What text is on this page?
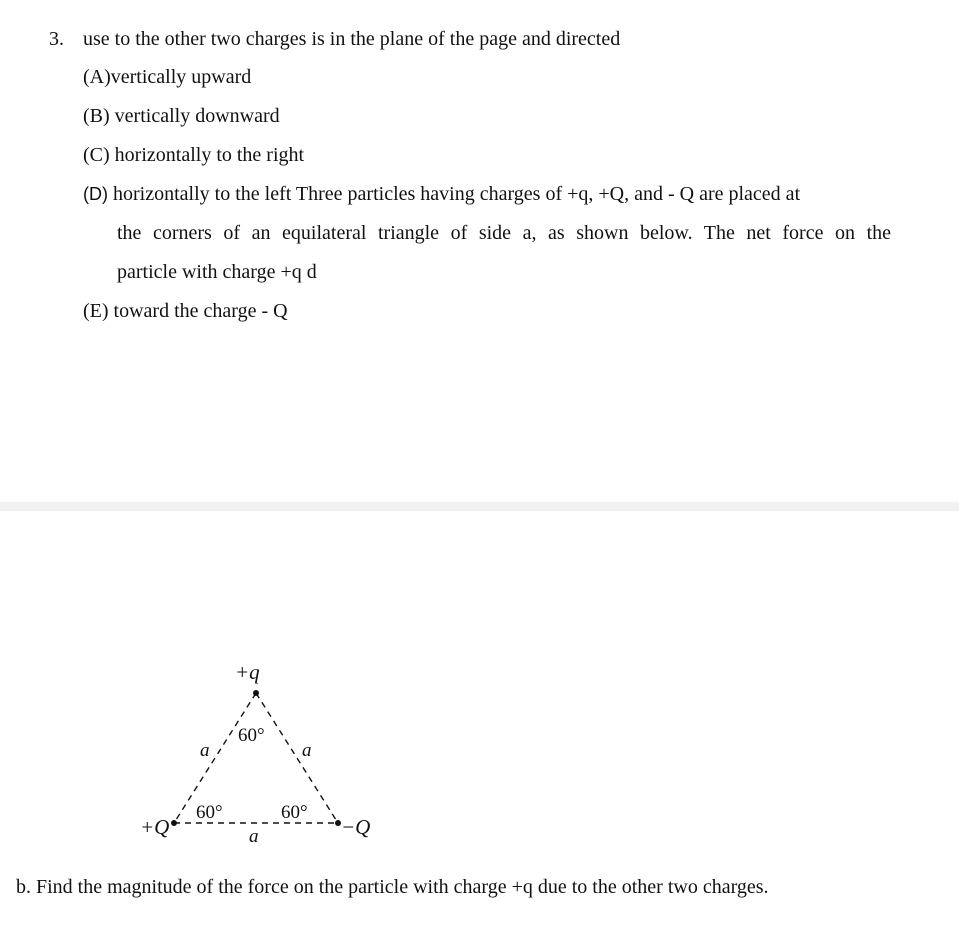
3. use to the other two charges is in the plane of the page and directed
(A)vertically upward
(B) vertically downward
(C) horizontally to the right
(D) horizontally to the left Three particles having charges of +q, +Q, and - Q are placed at
the corners of an equilateral triangle of side a, as shown below. The net force on the
particle with charge +q d
(E) toward the charge - Q
+q
+Q	−Q
a	a
a
60°
60°	60°
b. Find the magnitude of the force on the particle with charge +q due to the other two charges.
